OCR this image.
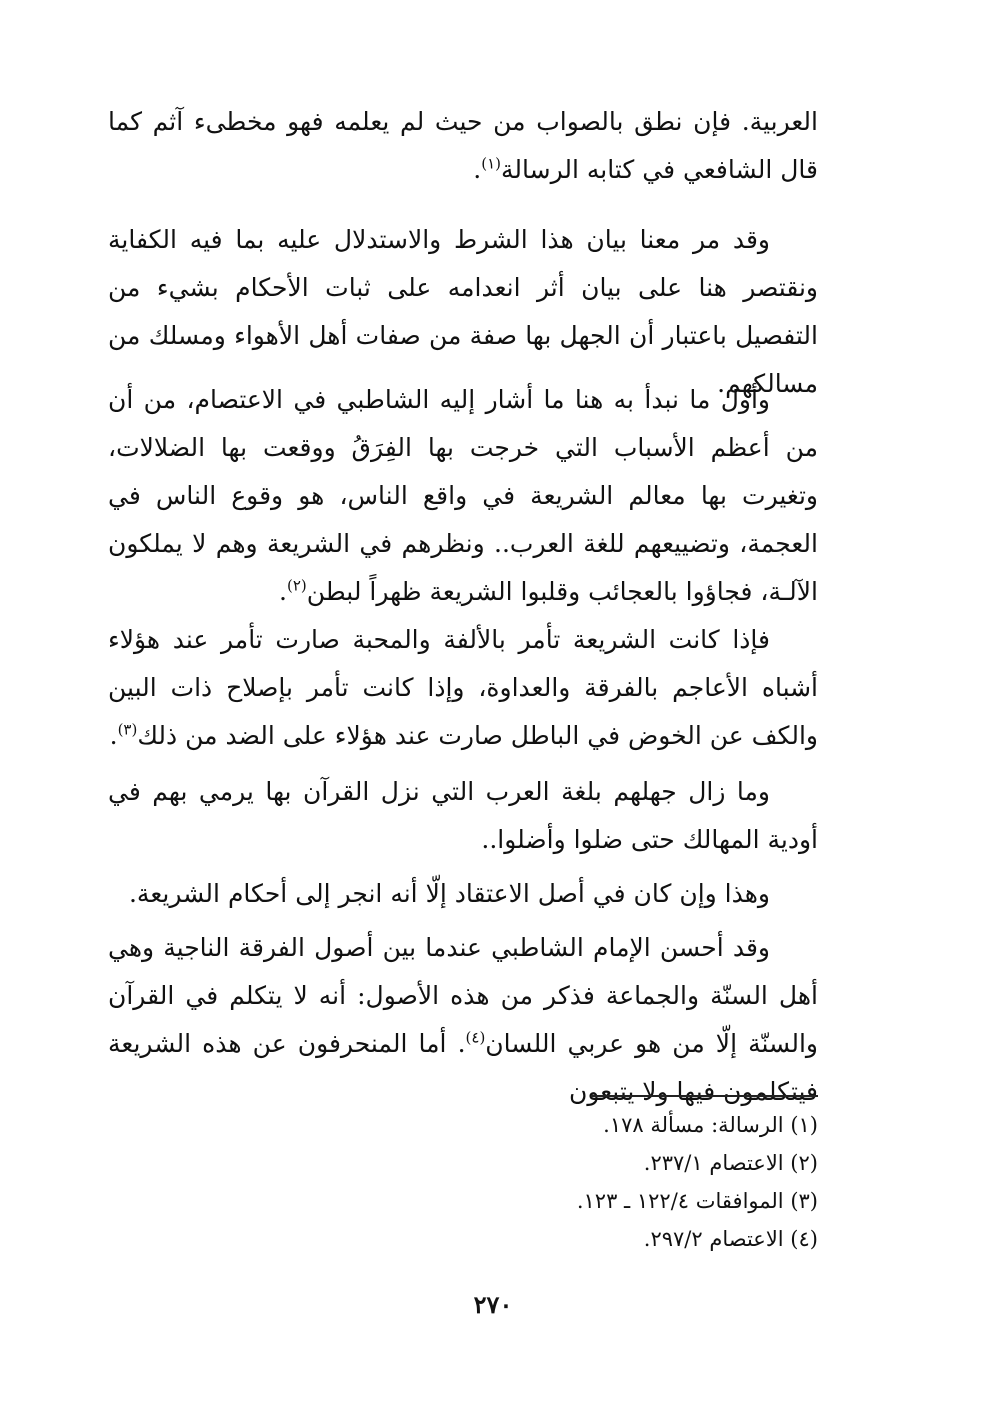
العربية. فإن نطق بالصواب من حيث لم يعلمه فهو مخطىء آثم كما قال الشافعي في كتابه الرسالة$^{(١)}$.

وقد مر معنا بيان هذا الشرط والاستدلال عليه بما فيه الكفاية ونقتصر هنا على بيان أثر انعدامه على ثبات الأحكام بشيء من التفصيل باعتبار أن الجهل بها صفة من صفات أهل الأهواء ومسلك من مسالكهم.

وأول ما نبدأ به هنا ما أشار إليه الشاطبي في الاعتصام، من أن من أعظم الأسباب التي خرجت بها الفِرَقُ ووقعت بها الضلالات، وتغيرت بها معالم الشريعة في واقع الناس، هو وقوع الناس في العجمة، وتضييعهم للغة العرب.. ونظرهم في الشريعة وهم لا يملكون الآلـة، فجاؤوا بالعجائب وقلبوا الشريعة ظهراً لبطن$^{(٢)}$.

فإذا كانت الشريعة تأمر بالألفة والمحبة صارت تأمر عند هؤلاء أشباه الأعاجم بالفرقة والعداوة، وإذا كانت تأمر بإصلاح ذات البين والكف عن الخوض في الباطل صارت عند هؤلاء على الضد من ذلك$^{(٣)}$.

وما زال جهلهم بلغة العرب التي نزل القرآن بها يرمي بهم في أودية المهالك حتى ضلوا وأضلوا..

وهذا وإن كان في أصل الاعتقاد إلّا أنه انجر إلى أحكام الشريعة.

وقد أحسن الإمام الشاطبي عندما بين أصول الفرقة الناجية وهي أهل السنّة والجماعة فذكر من هذه الأصول: أنه لا يتكلم في القرآن والسنّة إلّا من هو عربي اللسان$^{(٤)}$. أما المنحرفون عن هذه الشريعة فيتكلمون فيها ولا يتبعون

(١) الرسالة: مسألة ١٧٨.

(٢) الاعتصام ٢٣٧/١.

(٣) الموافقات ١٢٢/٤ ـ ١٢٣.

(٤) الاعتصام ٢٩٧/٢.

٢٧٠
